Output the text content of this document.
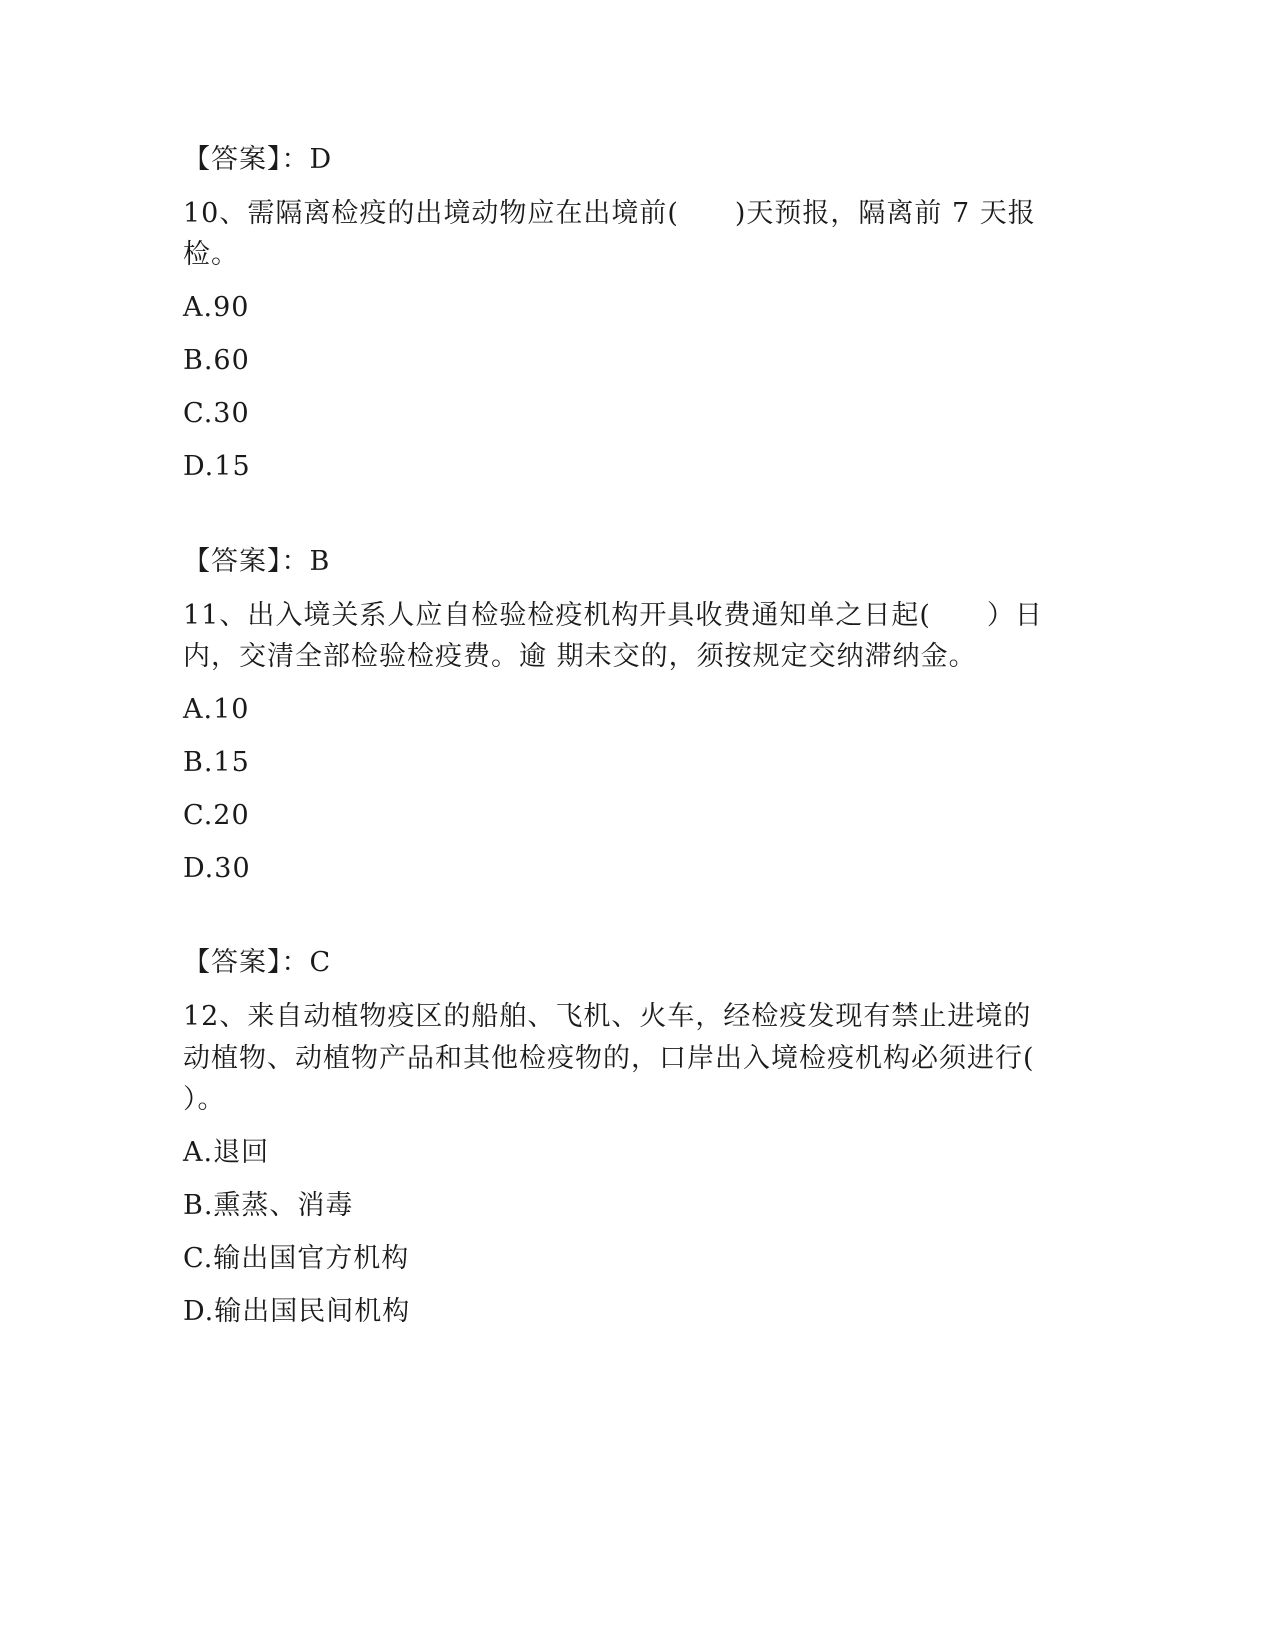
【答案】：D
10、需隔离检疫的出境动物应在出境前(　　)天预报，隔离前 7 天报
检。
A.90
B.60
C.30
D.15
【答案】：B
11、出入境关系人应自检验检疫机构开具收费通知单之日起(　　）日
内，交清全部检验检疫费。逾 期未交的，须按规定交纳滞纳金。
A.10
B.15
C.20
D.30
【答案】：C
12、来自动植物疫区的船舶、飞机、火车，经检疫发现有禁止进境的
动植物、动植物产品和其他检疫物的，口岸出入境检疫机构必须进行(
）。
A.退回
B.熏蒸、消毒
C.输出国官方机构
D.输出国民间机构
